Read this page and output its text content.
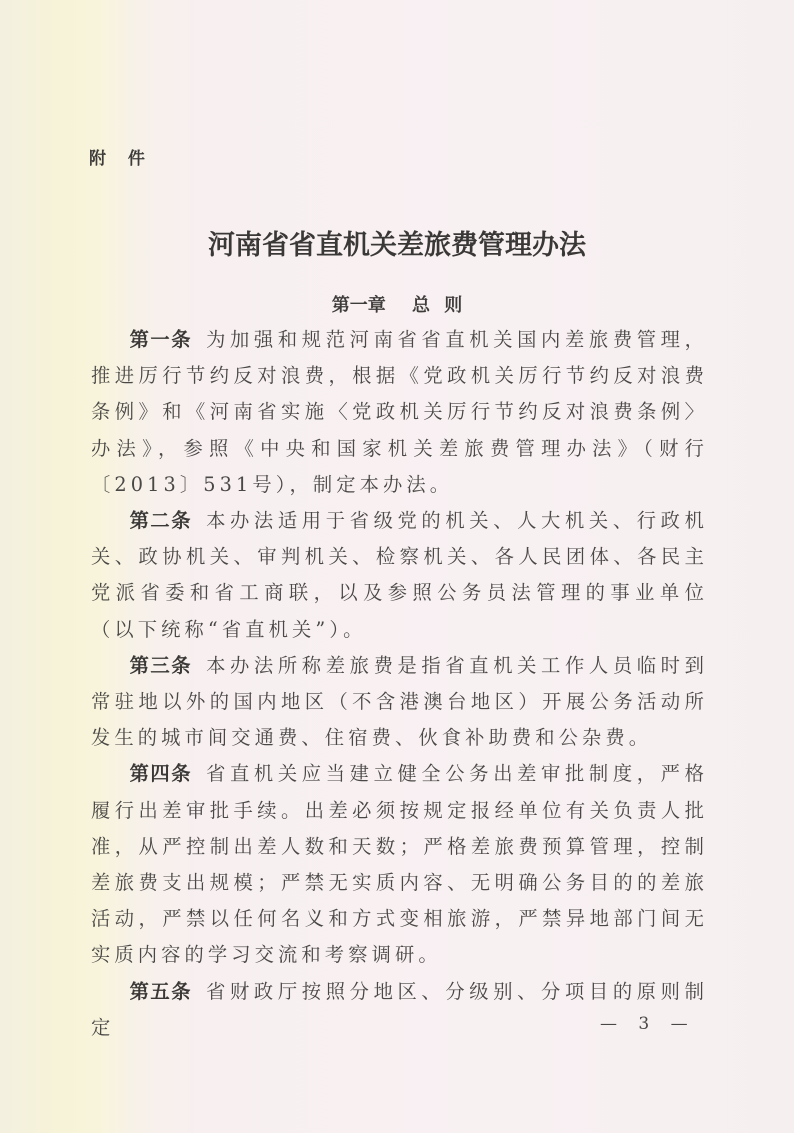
附 件
河南省省直机关差旅费管理办法
第一章 总 则

第一条 为加强和规范河南省省直机关国内差旅费管理，推进厉行节约反对浪费，根据《党政机关厉行节约反对浪费条例》和《河南省实施〈党政机关厉行节约反对浪费条例〉办法》，参照《中央和国家机关差旅费管理办法》（财行〔2013〕531号），制定本办法。

第二条 本办法适用于省级党的机关、人大机关、行政机关、政协机关、审判机关、检察机关、各人民团体、各民主党派省委和省工商联，以及参照公务员法管理的事业单位（以下统称“省直机关”）。

第三条 本办法所称差旅费是指省直机关工作人员临时到常驻地以外的国内地区（不含港澳台地区）开展公务活动所发生的城市间交通费、住宿费、伙食补助费和公杂费。

第四条 省直机关应当建立健全公务出差审批制度，严格履行出差审批手续。出差必须按规定报经单位有关负责人批准，从严控制出差人数和天数；严格差旅费预算管理，控制差旅费支出规模；严禁无实质内容、无明确公务目的的差旅活动，严禁以任何名义和方式变相旅游，严禁异地部门间无实质内容的学习交流和考察调研。

第五条 省财政厅按照分地区、分级别、分项目的原则制定	— 3 —
